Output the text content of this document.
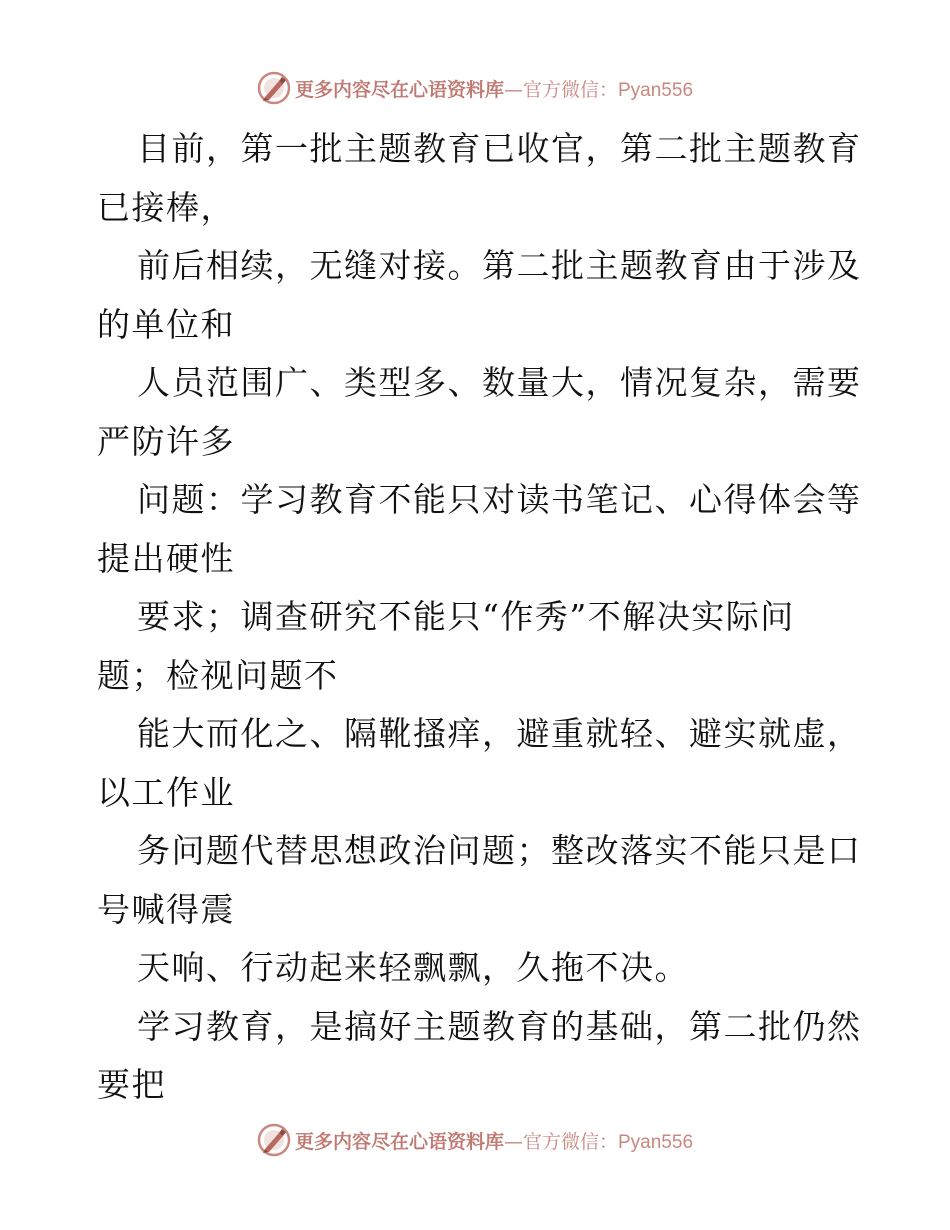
更多内容尽在心语资料库—官方微信：Pyan556
目前，第一批主题教育已收官，第二批主题教育
已接棒，
前后相续，无缝对接。第二批主题教育由于涉及
的单位和
人员范围广、类型多、数量大，情况复杂，需要
严防许多
问题：学习教育不能只对读书笔记、心得体会等
提出硬性
要求；调查研究不能只“作秀”不解决实际问
题；检视问题不
能大而化之、隔靴搔痒，避重就轻、避实就虚，
以工作业
务问题代替思想政治问题；整改落实不能只是口
号喊得震
天响、行动起来轻飘飘，久拖不决。
学习教育，是搞好主题教育的基础，第二批仍然
要把
更多内容尽在心语资料库—官方微信：Pyan556
